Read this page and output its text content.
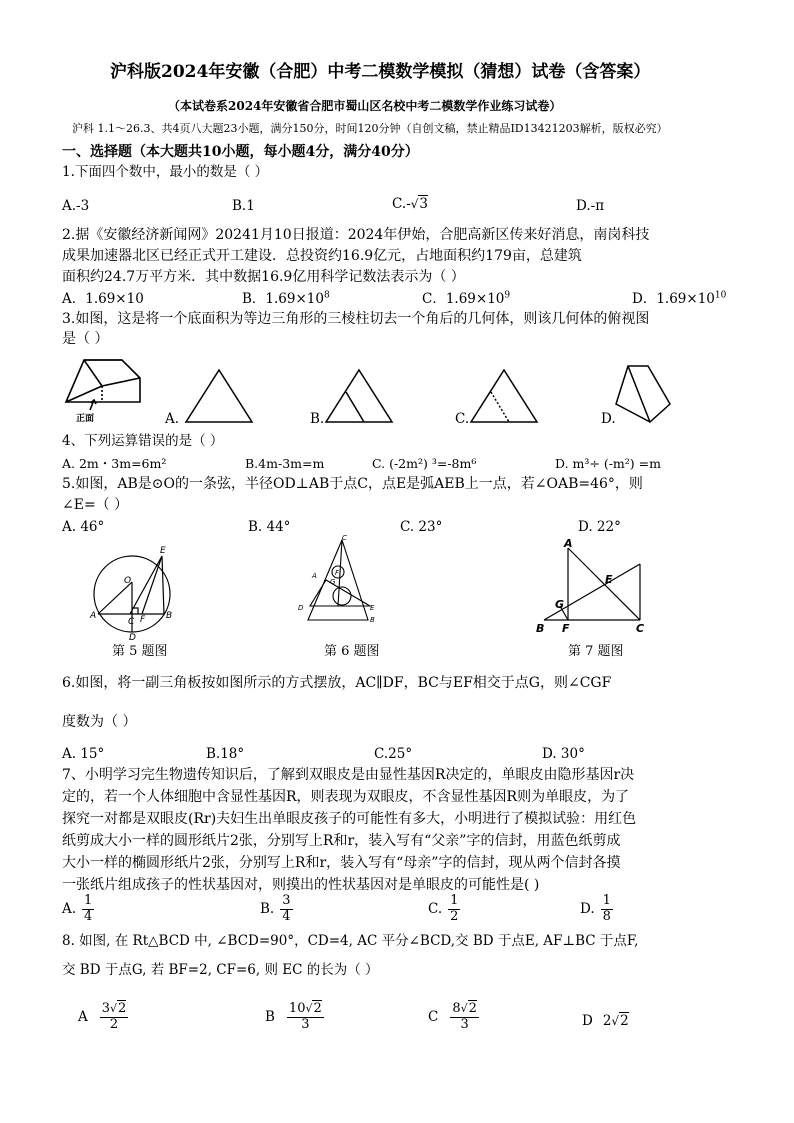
沪科版2024年安徽（合肥）中考二模数学模拟（猜想）试卷（含答案）
（本试卷系2024年安徽省合肥市蜀山区名校中考二模数学作业练习试卷）
沪科 1.1～26.3、共4页八大题23小题，满分150分，时间120分钟（自创文稿，禁止精品ID13421203解析，版权必究）
一、选择题（本大题共10小题，每小题4分，满分40分）
1.下面四个数中，最小的数是（ ）
A.-3	B.1	C.-√3	D.-π
2.据《安徽经济新闻网》20241月10日报道：2024年伊始，合肥高新区传来好消息，南岗科技
成果加速器北区已经正式开工建设．总投资约16.9亿元，占地面积约179亩，总建筑
面积约24.7万平方米．其中数据16.9亿用科学记数法表示为（ ）
A．1.69×10	B．$1.69\times 10^8$	C．$1.69\times 10^9$	D．$1.69\times 10^{10}$
3.如图，这是将一个底面积为等边三角形的三棱柱切去一个角后的几何体，则该几何体的俯视图
是（ ）
正面	A.	B.	C.	D.
4、下列运算错误的是（ ）
A. 2m・3m=6m²	B.4m-3m=m	C. (-2m²) ³=-8m⁶	D. m³÷ (-m²) =m
5.如图，AB是⊙O的一条弦，半径OD⊥AB于点C，点E是弧AEB上一点，若∠OAB=46°，则
∠E=（ ）
A. 46°	B. 44°	C. 23°	D. 22°
O
A
C F B
D
E
第 5 题图
C
A	F
D	E
B
G
第 6 题图
A
E
G
B F	C
第 7 题图
6.如图，将一副三角板按如图所示的方式摆放，AC∥DF，BC与EF相交于点G，则∠CGF
度数为（ ）
A. 15°	B.18°	C.25°	D. 30°
7、小明学习完生物遗传知识后，了解到双眼皮是由显性基因R决定的，单眼皮由隐形基因r决
定的，若一个人体细胞中含显性基因R，则表现为双眼皮，不含显性基因R则为单眼皮，为了
探究一对都是双眼皮(Rr)夫妇生出单眼皮孩子的可能性有多大，小明进行了模拟试验：用红色
纸剪成大小一样的圆形纸片2张，分别写上R和r，装入写有“父亲”字的信封，用蓝色纸剪成
大小一样的椭圆形纸片2张，分别写上R和r，装入写有“母亲”字的信封，现从两个信封各摸
一张纸片组成孩子的性状基因对，则摸出的性状基因对是单眼皮的可能性是( )
A. $\frac{1}{4}$	B. $\frac{3}{4}$	C. $\frac{1}{2}$	D. $\frac{1}{8}$
8. 如图, 在 Rt△BCD 中, ∠BCD=90°，CD=4, AC 平分∠BCD,交 BD 于点E, AF⊥BC 于点F,
交 BD 于点G, 若 BF=2, CF=6, 则 EC 的长为（ ）
A $\frac{3√2}{2}$	B $\frac{10√2}{3}$	C $\frac{8√2}{3}$	D 2√2
